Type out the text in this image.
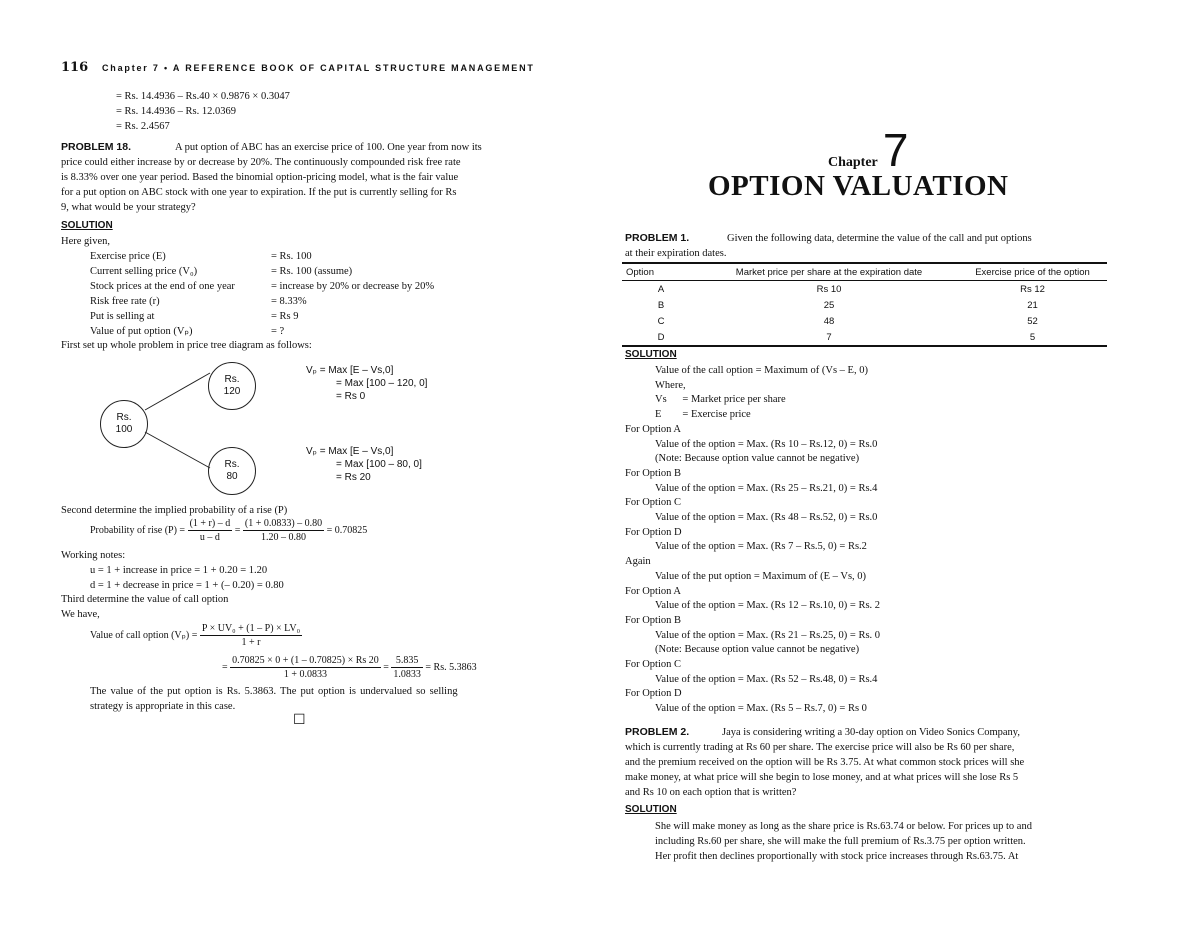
116 Chapter 7 • A REFERENCE BOOK OF CAPITAL STRUCTURE MANAGEMENT
= Rs. 14.4936 – Rs.40 × 0.9876 × 0.3047
= Rs. 14.4936 – Rs. 12.0369
= Rs. 2.4567
PROBLEM 18.	A put option of ABC has an exercise price of 100. One year from now its
price could either increase by or decrease by 20%. The continuously compounded risk free rate
is 8.33% over one year period. Based the binomial option-pricing model, what is the fair value
for a put option on ABC stock with one year to expiration. If the put is currently selling for Rs
9, what would be your strategy?
SOLUTION
Here given,
Exercise price (E)	= Rs. 100
Current selling price (V₀)	= Rs. 100 (assume)
Stock prices at the end of one year	= increase by 20% or decrease by 20%
Risk free rate (r)	= 8.33%
Put is selling at	= Rs 9
Value of put option (Vₚ)	= ?
First set up whole problem in price tree diagram as follows:
Rs.
100
Rs.
120
Rs.
80
Vₚ = Max [E – Vs,0]
= Max [100 – 120, 0]
= Rs 0
Vₚ = Max [E – Vs,0]
= Max [100 – 80, 0]
= Rs 20
Second determine the implied probability of a rise (P)
Probability of rise $(P) = \frac{(1 + r) - d}{u - d} = \frac{(1 + 0.0833) - 0.80}{1.20 - 0.80} = 0.70825$
Working notes:
u = 1 + increase in price = 1 + 0.20 = 1.20
d = 1 + decrease in price = 1 + (– 0.20) = 0.80
Third determine the value of call option
We have,
Value of call option $(V_p) = \frac{\text{P × UV₀ + (1 – P) × LV₀}}{1 + r}$
= $\frac{0.70825 \times 0 + (1 - 0.70825) \times Rs 20}{1 + 0.0833} = \frac{5.835}{1.0833} = Rs$. 5.3863
The value of the put option is Rs. 5.3863. The put option is undervalued so selling
strategy is appropriate in this case.
☐
Chapter 7
OPTION VALUATION
PROBLEM 1.	Given the following data, determine the value of the call and put options
at their expiration dates.
Option	Market price per share at the expiration date	Exercise price of the option
A	Rs 10	Rs 12
B	25	21
C	48	52
D	7	5
SOLUTION
Value of the call option = Maximum of (Vs – E, 0)
Where,
Vs      = Market price per share
E        = Exercise price
For Option A
Value of the option = Max. (Rs 10 – Rs.12, 0) = Rs.0
(Note: Because option value cannot be negative)
For Option B
Value of the option = Max. (Rs 25 – Rs.21, 0) = Rs.4
For Option C
Value of the option = Max. (Rs 48 – Rs.52, 0) = Rs.0
For Option D
Value of the option = Max. (Rs 7 – Rs.5, 0) = Rs.2
Again
Value of the put option = Maximum of (E – Vs, 0)
For Option A
Value of the option = Max. (Rs 12 – Rs.10, 0) = Rs. 2
For Option B
Value of the option = Max. (Rs 21 – Rs.25, 0) = Rs. 0
(Note: Because option value cannot be negative)
For Option C
Value of the option = Max. (Rs 52 – Rs.48, 0) = Rs.4
For Option D
Value of the option = Max. (Rs 5 – Rs.7, 0) = Rs 0
PROBLEM 2.	Jaya is considering writing a 30-day option on Video Sonics Company,
which is currently trading at Rs 60 per share. The exercise price will also be Rs 60 per share,
and the premium received on the option will be Rs 3.75. At what common stock prices will she
make money, at what price will she begin to lose money, and at what prices will she lose Rs 5
and Rs 10 on each option that is written?
SOLUTION
She will make money as long as the share price is Rs.63.74 or below. For prices up to and
including Rs.60 per share, she will make the full premium of Rs.3.75 per option written.
Her profit then declines proportionally with stock price increases through Rs.63.75. At
